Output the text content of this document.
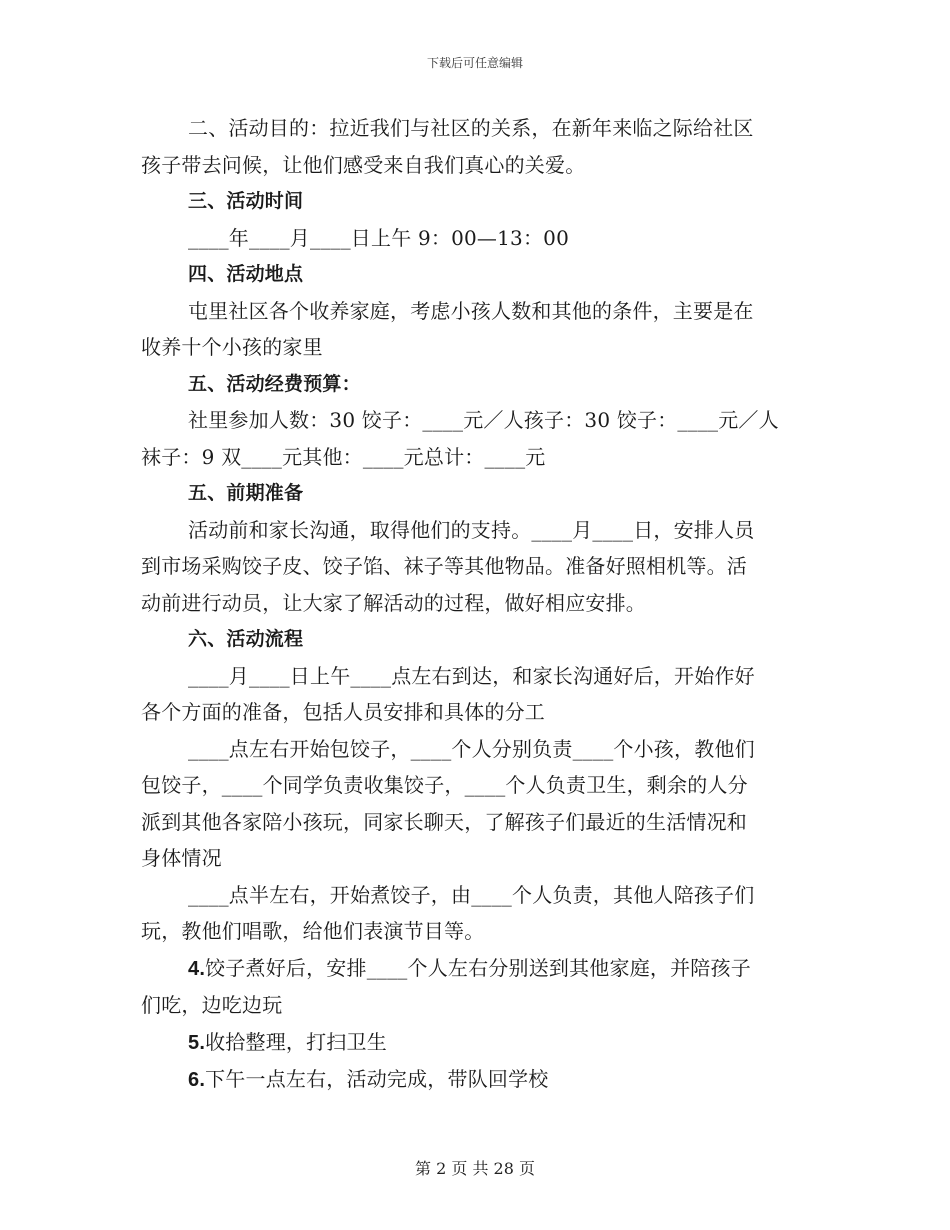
下载后可任意编辑

二、活动目的：拉近我们与社区的关系，在新年来临之际给社区

孩子带去问候，让他们感受来自我们真心的关爱。

三、活动时间

____年____月____日上午 9：00—13：00

四、活动地点

屯里社区各个收养家庭，考虑小孩人数和其他的条件，主要是在

收养十个小孩的家里

五、活动经费预算：

社里参加人数：30 饺子：____元／人孩子：30 饺子：____元／人

袜子：9 双____元其他：____元总计：____元

五、前期准备

活动前和家长沟通，取得他们的支持。____月____日，安排人员

到市场采购饺子皮、饺子馅、袜子等其他物品。准备好照相机等。活

动前进行动员，让大家了解活动的过程，做好相应安排。

六、活动流程

____月____日上午____点左右到达，和家长沟通好后，开始作好

各个方面的准备，包括人员安排和具体的分工

____点左右开始包饺子，____个人分别负责____个小孩，教他们

包饺子，____个同学负责收集饺子，____个人负责卫生，剩余的人分

派到其他各家陪小孩玩，同家长聊天，了解孩子们最近的生活情况和

身体情况

____点半左右，开始煮饺子，由____个人负责，其他人陪孩子们

玩，教他们唱歌，给他们表演节目等。

4.饺子煮好后，安排____个人左右分别送到其他家庭，并陪孩子

们吃，边吃边玩

5.收拾整理，打扫卫生

6.下午一点左右，活动完成，带队回学校

第 2 页 共 28 页
